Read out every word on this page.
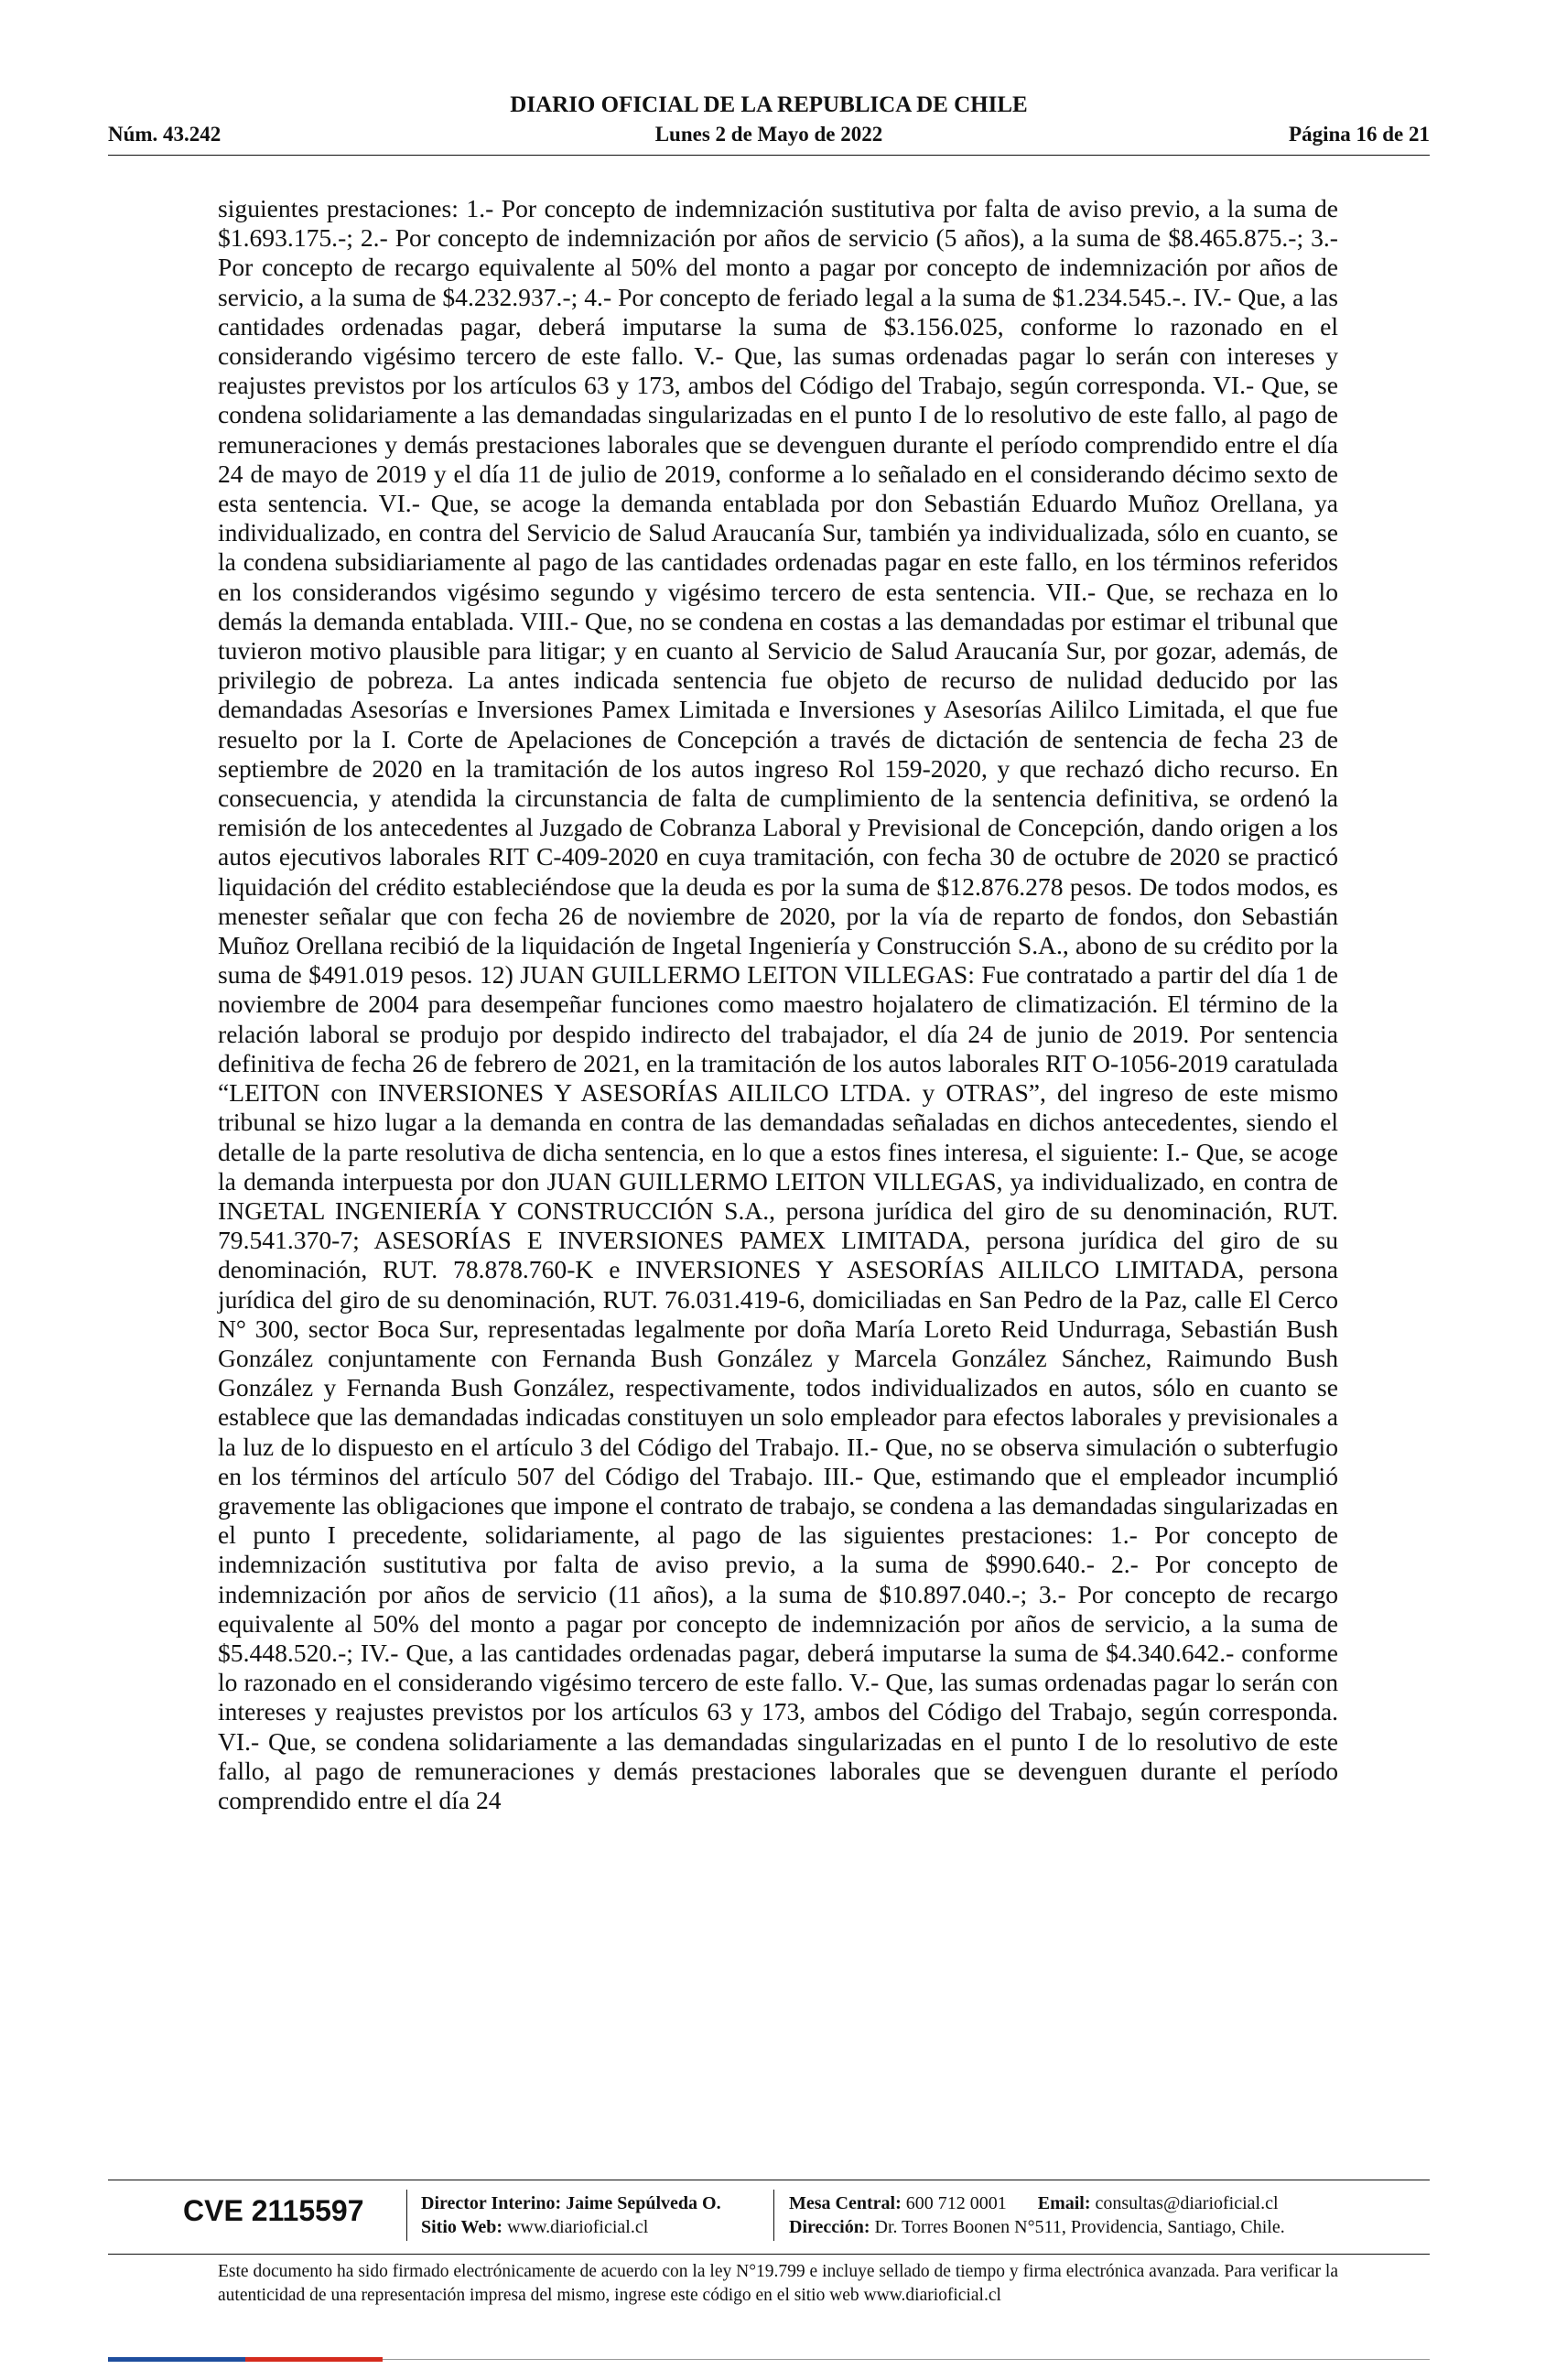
DIARIO OFICIAL DE LA REPUBLICA DE CHILE
Núm. 43.242	Lunes 2 de Mayo de 2022	Página 16 de 21

siguientes prestaciones: 1.- Por concepto de indemnización sustitutiva por falta de aviso previo, a la suma de $1.693.175.-; 2.- Por concepto de indemnización por años de servicio (5 años), a la suma de $8.465.875.-; 3.- Por concepto de recargo equivalente al 50% del monto a pagar por concepto de indemnización por años de servicio, a la suma de $4.232.937.-; 4.- Por concepto de feriado legal a la suma de $1.234.545.-. IV.- Que, a las cantidades ordenadas pagar, deberá imputarse la suma de $3.156.025, conforme lo razonado en el considerando vigésimo tercero de este fallo. V.- Que, las sumas ordenadas pagar lo serán con intereses y reajustes previstos por los artículos 63 y 173, ambos del Código del Trabajo, según corresponda. VI.- Que, se condena solidariamente a las demandadas singularizadas en el punto I de lo resolutivo de este fallo, al pago de remuneraciones y demás prestaciones laborales que se devenguen durante el período comprendido entre el día 24 de mayo de 2019 y el día 11 de julio de 2019, conforme a lo señalado en el considerando décimo sexto de esta sentencia. VI.- Que, se acoge la demanda entablada por don Sebastián Eduardo Muñoz Orellana, ya individualizado, en contra del Servicio de Salud Araucanía Sur, también ya individualizada, sólo en cuanto, se la condena subsidiariamente al pago de las cantidades ordenadas pagar en este fallo, en los términos referidos en los considerandos vigésimo segundo y vigésimo tercero de esta sentencia. VII.- Que, se rechaza en lo demás la demanda entablada. VIII.- Que, no se condena en costas a las demandadas por estimar el tribunal que tuvieron motivo plausible para litigar; y en cuanto al Servicio de Salud Araucanía Sur, por gozar, además, de privilegio de pobreza. La antes indicada sentencia fue objeto de recurso de nulidad deducido por las demandadas Asesorías e Inversiones Pamex Limitada e Inversiones y Asesorías Aililco Limitada, el que fue resuelto por la I. Corte de Apelaciones de Concepción a través de dictación de sentencia de fecha 23 de septiembre de 2020 en la tramitación de los autos ingreso Rol 159-2020, y que rechazó dicho recurso. En consecuencia, y atendida la circunstancia de falta de cumplimiento de la sentencia definitiva, se ordenó la remisión de los antecedentes al Juzgado de Cobranza Laboral y Previsional de Concepción, dando origen a los autos ejecutivos laborales RIT C-409-2020 en cuya tramitación, con fecha 30 de octubre de 2020 se practicó liquidación del crédito estableciéndose que la deuda es por la suma de $12.876.278 pesos. De todos modos, es menester señalar que con fecha 26 de noviembre de 2020, por la vía de reparto de fondos, don Sebastián Muñoz Orellana recibió de la liquidación de Ingetal Ingeniería y Construcción S.A., abono de su crédito por la suma de $491.019 pesos. 12) JUAN GUILLERMO LEITON VILLEGAS: Fue contratado a partir del día 1 de noviembre de 2004 para desempeñar funciones como maestro hojalatero de climatización. El término de la relación laboral se produjo por despido indirecto del trabajador, el día 24 de junio de 2019. Por sentencia definitiva de fecha 26 de febrero de 2021, en la tramitación de los autos laborales RIT O-1056-2019 caratulada “LEITON con INVERSIONES Y ASESORÍAS AILILCO LTDA. y OTRAS”, del ingreso de este mismo tribunal se hizo lugar a la demanda en contra de las demandadas señaladas en dichos antecedentes, siendo el detalle de la parte resolutiva de dicha sentencia, en lo que a estos fines interesa, el siguiente: I.- Que, se acoge la demanda interpuesta por don JUAN GUILLERMO LEITON VILLEGAS, ya individualizado, en contra de INGETAL INGENIERÍA Y CONSTRUCCIÓN S.A., persona jurídica del giro de su denominación, RUT. 79.541.370-7; ASESORÍAS E INVERSIONES PAMEX LIMITADA, persona jurídica del giro de su denominación, RUT. 78.878.760-K e INVERSIONES Y ASESORÍAS AILILCO LIMITADA, persona jurídica del giro de su denominación, RUT. 76.031.419-6, domiciliadas en San Pedro de la Paz, calle El Cerco N° 300, sector Boca Sur, representadas legalmente por doña María Loreto Reid Undurraga, Sebastián Bush González conjuntamente con Fernanda Bush González y Marcela González Sánchez, Raimundo Bush González y Fernanda Bush González, respectivamente, todos individualizados en autos, sólo en cuanto se establece que las demandadas indicadas constituyen un solo empleador para efectos laborales y previsionales a la luz de lo dispuesto en el artículo 3 del Código del Trabajo. II.- Que, no se observa simulación o subterfugio en los términos del artículo 507 del Código del Trabajo. III.- Que, estimando que el empleador incumplió gravemente las obligaciones que impone el contrato de trabajo, se condena a las demandadas singularizadas en el punto I precedente, solidariamente, al pago de las siguientes prestaciones: 1.- Por concepto de indemnización sustitutiva por falta de aviso previo, a la suma de $990.640.- 2.- Por concepto de indemnización por años de servicio (11 años), a la suma de $10.897.040.-; 3.- Por concepto de recargo equivalente al 50% del monto a pagar por concepto de indemnización por años de servicio, a la suma de $5.448.520.-; IV.- Que, a las cantidades ordenadas pagar, deberá imputarse la suma de $4.340.642.- conforme lo razonado en el considerando vigésimo tercero de este fallo. V.- Que, las sumas ordenadas pagar lo serán con intereses y reajustes previstos por los artículos 63 y 173, ambos del Código del Trabajo, según corresponda. VI.- Que, se condena solidariamente a las demandadas singularizadas en el punto I de lo resolutivo de este fallo, al pago de remuneraciones y demás prestaciones laborales que se devenguen durante el período comprendido entre el día 24

CVE 2115597	Director Interino: Jaime Sepúlveda O.
Sitio Web: www.diarioficial.cl
Mesa Central: 600 712 0001 Email: consultas@diarioficial.cl
Dirección: Dr. Torres Boonen N°511, Providencia, Santiago, Chile.

Este documento ha sido firmado electrónicamente de acuerdo con la ley N°19.799 e incluye sellado de tiempo y firma electrónica avanzada. Para verificar la autenticidad de una representación impresa del mismo, ingrese este código en el sitio web www.diarioficial.cl
